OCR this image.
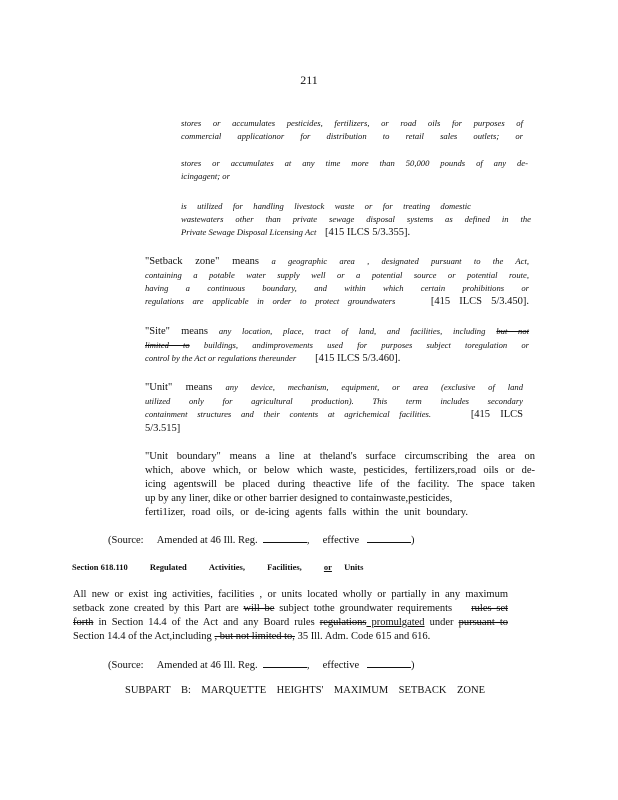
211
stores or accumulates pesticides, fertilizers, or road oils for purposes of
commercial applicationor for distribution to retail sales outlets; or
stores or accumulates at any time more than 50,000 pounds of any de-
icingagent; or
is utilized for handling livestock waste or for treating domestic
wastewaters other than private sewage disposal systems as defined in the
Private Sewage Disposal Licensing Act [415 ILCS 5/3.355].
"Setback zone" means a geographic area , designated pursuant to the Act,
containing a potable water supply well or a potential source or potential route,
having a continuous boundary, and within which certain prohibitions or
regulations are applicable in order to protect groundwaters	[415 ILCS 5/3.450].
"Site" means any location, place, tract of land, and facilities, including but not
limited to buildings, andimprovements used for purposes subject toregulation or
control by the Act or regulations thereunder [415 ILCS 5/3.460].
"Unit" means any device, mechanism, equipment, or area (exclusive of land
utilized only for agricultural production). This term includes secondary
containment structures and their contents at agrichemical facilities.	[415 ILCS
5/3.515]
"Unit boundary" means a line at theland's surface circumscribing the area on
which, above which, or below which waste, pesticides, fertilizers,road oils or de-
icing agentswill be placed during theactive life of the facility. The space taken
up by any liner, dike or other barrier designed to containwaste,pesticides,
ferti1izer, road oils, or de-icing agents falls within the unit boundary.
(Source: Amended at 46 Ill. Reg.	,     effective	)
Section 618.110	Regulated	Activities,	Facilities,	or Units
All new or exist ing activities, facilities , or units located wholly or partially in any maximum
setback zone created by this Part are will be subject tothe groundwater requirements rules set
forth in Section 14.4 of the Act and any Board rules regulations promulgated under pursuant to
Section 14.4 of the Act,including , but not limited to, 35 Ill. Adm. Code 615 and 616.
(Source: Amended at 46 Ill. Reg.	,     effective	)
SUBPART B: MARQUETTE HEIGHTS' MAXIMUM SETBACK ZONE
